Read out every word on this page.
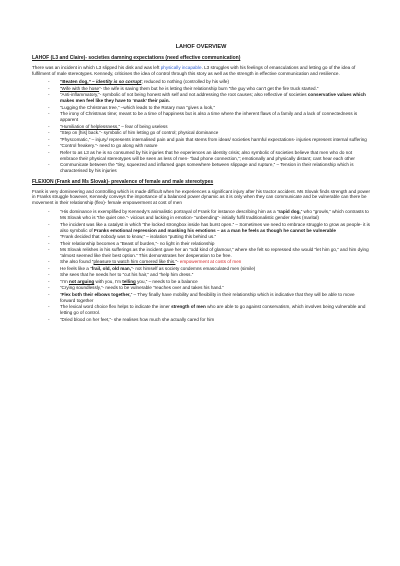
LAHOF OVERVIEW
LAHOF (L3 and Claire)- societies damning expectations (need effective communication)

There was an incident in which L3 slipped his disk and was left physically incapable. L3 struggles with his feelings of emasculations and letting go of the idea of fulfilment of male stereotypes. Kennedy, criticises the idea of control through this story as well as the strength in effective communication and resilience.

- “Beaten dog,” – identity is so corrupt; reduced to nothing (controlled by his wife)
- “Wife with the hose”- the wife is saving them but he is letting their relationship burn “the guy who can’t get the fire truck started.”
- “Anti-inflammatory,”- symbolic of not being honest with self and not addressing the root causes; also reflective of societies conservative values which makes men feel like they have to ‘mask’ their pain.
- “Lugging the Christmas tree,” –which leads to the Rotary man “gives a look,”
- The irony of Christmas time; meant to be a time of happiness but is also a time where the inherent flaws of a family and a lack of connectedness is apparent
- “Humiliation of helplessness,” – fear of being useless
- “Step on [his] back.”- symbolic of him letting go of control; physical dominance
- “Physcomatic,” – injury/ represents internalised pain and pain that stems from ideas/ societies harmful expectations- injuries represent internal suffering
- “Control freakery.”- need to go along with nature
- Refer to as L3 as he is so consumed by his injuries that he experiences an identity crisis; also symbolic of societies believe that men who do not embrace their physical stereotypes will be seen as less of men- “bad phone connection,”; emotionally and physically distant; cant hear each other
- Communicate between the “tiny, squeezed and inflamed gaps somewhere between slippage and rupture,” – Tension in their relationship which is characterised by his injuries
FLEXION (Frank and Ms Slovak)- prevalence of female and male stereotypes

Frank is very domineering and controlling which is made difficult when he experiences a significant injury after his tractor accident. Ms Slovak finds strength and power in Franks struggle however, Kennedy conveys the importance of a balanced power dynamic as it is only when they can communicate and be vulnerable can there be movement in their relationship (flex)- female empowerment at cost of men

- “His dominance is exemplified by Kennedy’s animalistic portrayal of Frank for instance describing him as a “rapid dog,” who “growls,” which contrasts to Ms Slovak who is “the quiet one.”- vicious and lacking in emotion- “unbending”- initially fulfil traditionalistic gender roles (marital)
- The incident was like a catalyst in which “the locked strongbox inside has burst open.” – Sometimes we need to embrace struggle to grow as people- it is also symbolic of Franks emotional repression and masking his emotions – as a man he feels as though he cannot be vulnerable
- “Frank decided that nobody was to know,” – isolation “putting this behind us.”
- Their relationship becomes a “Beast of burden,”- no light in their relationship
- Ms Slovak relishes in his sufferings as the incident gave her an “odd kind of glamour,” where she felt so repressed she would “let him go,” and him dying “almost seemed like their best option.” This demonstrates her desperation to be free.
- She also found “pleasure to watch him cornered like this.”- empowerment at costs of men
- He feels like a “frail, old, old man,”- not himself as society condemns emasculated men (simile)
- She sees that he needs her to “cut his hair,” and “help him dress.”
- “I’m not arguing with you, I’m telling you,” – needs to be a balance
- “Crying soundlessly,”- needs to be vulnerable “reaches over and takes his hand.”
- “Flex both their elbows together,” – They finally have mobility and flexibility in their relationship which is indicative that they will be able to move forward together
- The lexical word choice flex helps to indicate the inner strength of men who are able to go against conservatism, which involves being vulnerable and letting go of control.
- “Dried blood on her feet,”- she realises how much she actually cared for him
